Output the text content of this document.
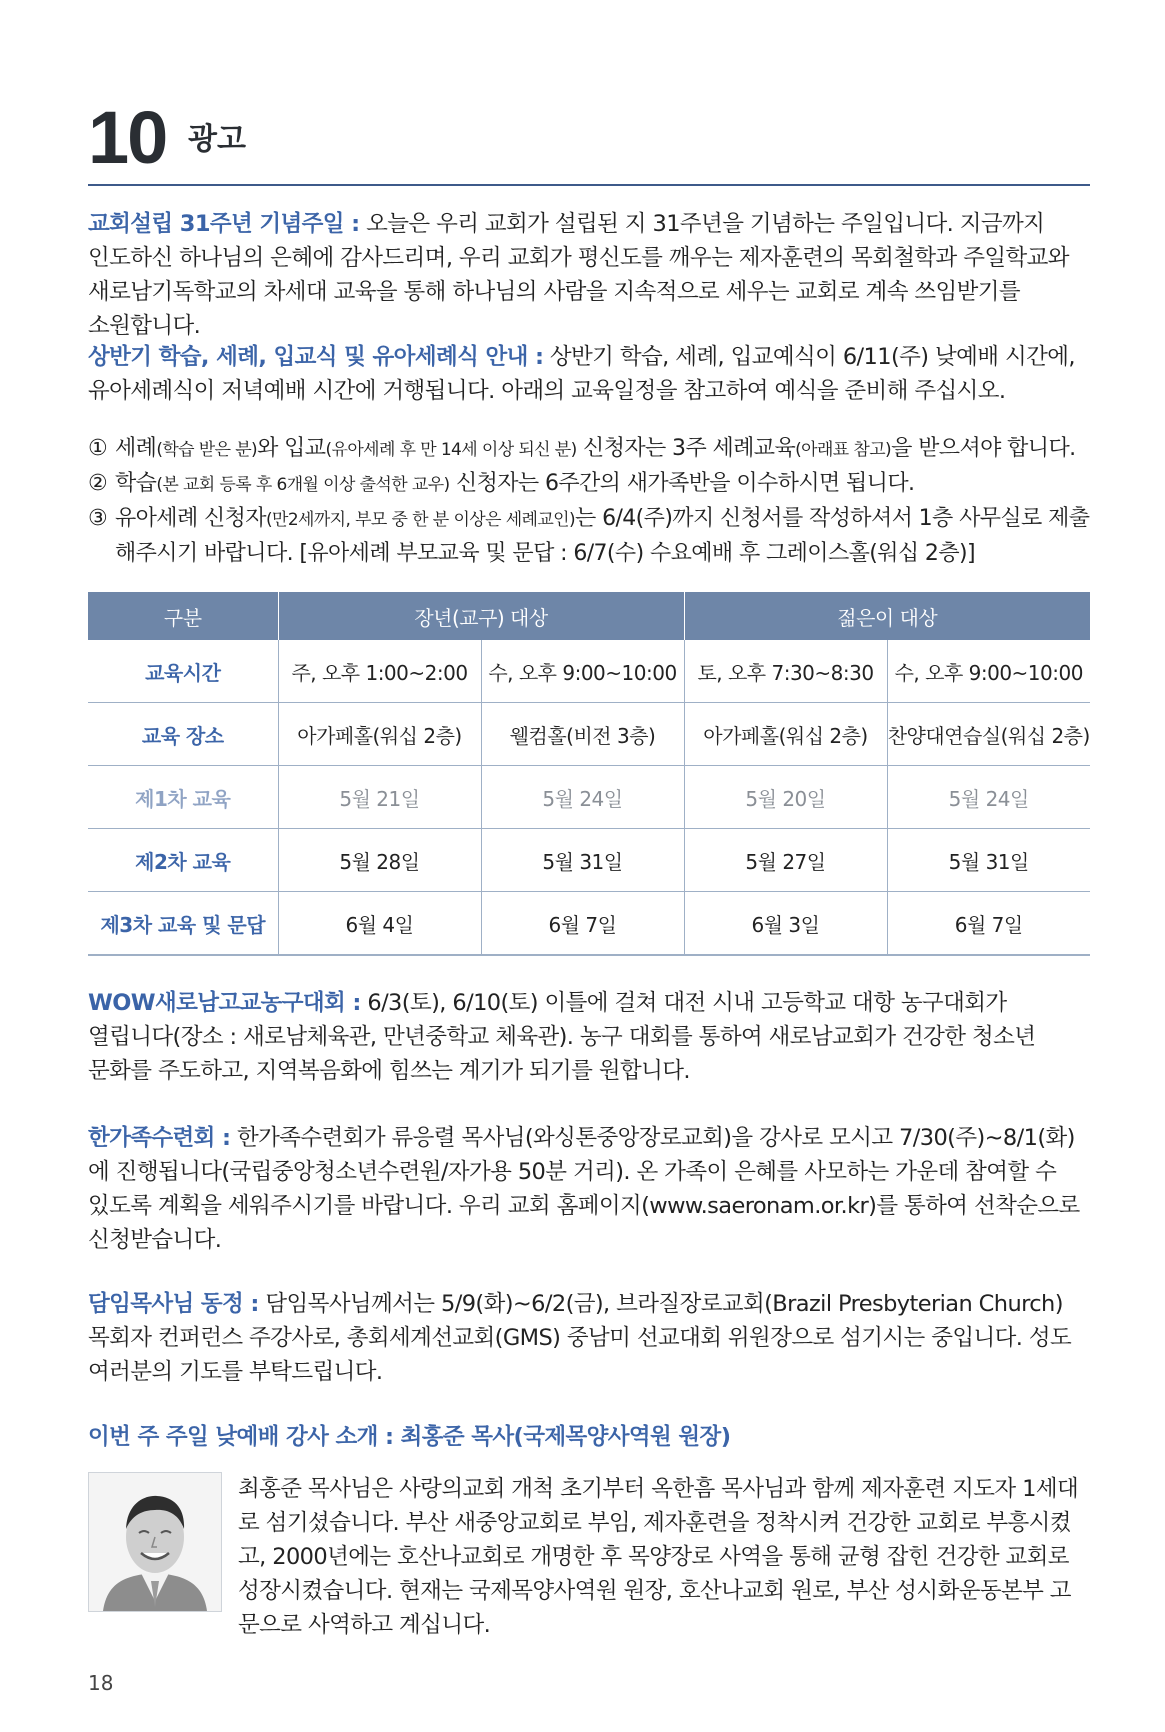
10 광고

교회설립 31주년 기념주일 : 오늘은 우리 교회가 설립된 지 31주년을 기념하는 주일입니다. 지금까지 인도하신 하나님의 은혜에 감사드리며, 우리 교회가 평신도를 깨우는 제자훈련의 목회철학과 주일학교와 새로남기독학교의 차세대 교육을 통해 하나님의 사람을 지속적으로 세우는 교회로 계속 쓰임받기를 소원합니다.

상반기 학습, 세례, 입교식 및 유아세례식 안내 : 상반기 학습, 세례, 입교예식이 6/11(주) 낮예배 시간에, 유아세례식이 저녁예배 시간에 거행됩니다. 아래의 교육일정을 참고하여 예식을 준비해 주십시오.

① 세례(학습 받은 분)와 입교(유아세례 후 만 14세 이상 되신 분) 신청자는 3주 세례교육(아래표 참고)을 받으셔야 합니다.
② 학습(본 교회 등록 후 6개월 이상 출석한 교우) 신청자는 6주간의 새가족반을 이수하시면 됩니다.
③ 유아세례 신청자(만2세까지, 부모 중 한 분 이상은 세례교인)는 6/4(주)까지 신청서를 작성하셔서 1층 사무실로 제출해주시기 바랍니다. [유아세례 부모교육 및 문답 : 6/7(수) 수요예배 후 그레이스홀(워십 2층)]
구분	장년(교구) 대상		젊은이 대상	
교육시간	주, 오후 1:00~2:00	수, 오후 9:00~10:00	토, 오후 7:30~8:30	수, 오후 9:00~10:00
교육 장소	아가페홀(워십 2층)	웰컴홀(비전 3층)	아가페홀(워십 2층)	찬양대연습실(워십 2층)
제1차 교육	5월 21일	5월 24일	5월 20일	5월 24일
제2차 교육	5월 28일	5월 31일	5월 27일	5월 31일
제3차 교육 및 문답	6월 4일	6월 7일	6월 3일	6월 7일

WOW새로남고교농구대회 : 6/3(토), 6/10(토) 이틀에 걸쳐 대전 시내 고등학교 대항 농구대회가 열립니다(장소 : 새로남체육관, 만년중학교 체육관). 농구 대회를 통하여 새로남교회가 건강한 청소년 문화를 주도하고, 지역복음화에 힘쓰는 계기가 되기를 원합니다.

한가족수련회 : 한가족수련회가 류응렬 목사님(와싱톤중앙장로교회)을 강사로 모시고 7/30(주)~8/1(화)에 진행됩니다(국립중앙청소년수련원/자가용 50분 거리). 온 가족이 은혜를 사모하는 가운데 참여할 수 있도록 계획을 세워주시기를 바랍니다. 우리 교회 홈페이지(www.saeronam.or.kr)를 통하여 선착순으로 신청받습니다.

담임목사님 동정 : 담임목사님께서는 5/9(화)~6/2(금), 브라질장로교회(Brazil Presbyterian Church) 목회자 컨퍼런스 주강사로, 총회세계선교회(GMS) 중남미 선교대회 위원장으로 섬기시는 중입니다. 성도 여러분의 기도를 부탁드립니다.

이번 주 주일 낮예배 강사 소개 : 최홍준 목사(국제목양사역원 원장)

최홍준 목사님은 사랑의교회 개척 초기부터 옥한흠 목사님과 함께 제자훈련 지도자 1세대로 섬기셨습니다. 부산 새중앙교회로 부임, 제자훈련을 정착시켜 건강한 교회로 부흥시켰고, 2000년에는 호산나교회로 개명한 후 목양장로 사역을 통해 균형 잡힌 건강한 교회로 성장시켰습니다. 현재는 국제목양사역원 원장, 호산나교회 원로, 부산 성시화운동본부 고문으로 사역하고 계십니다.
18
